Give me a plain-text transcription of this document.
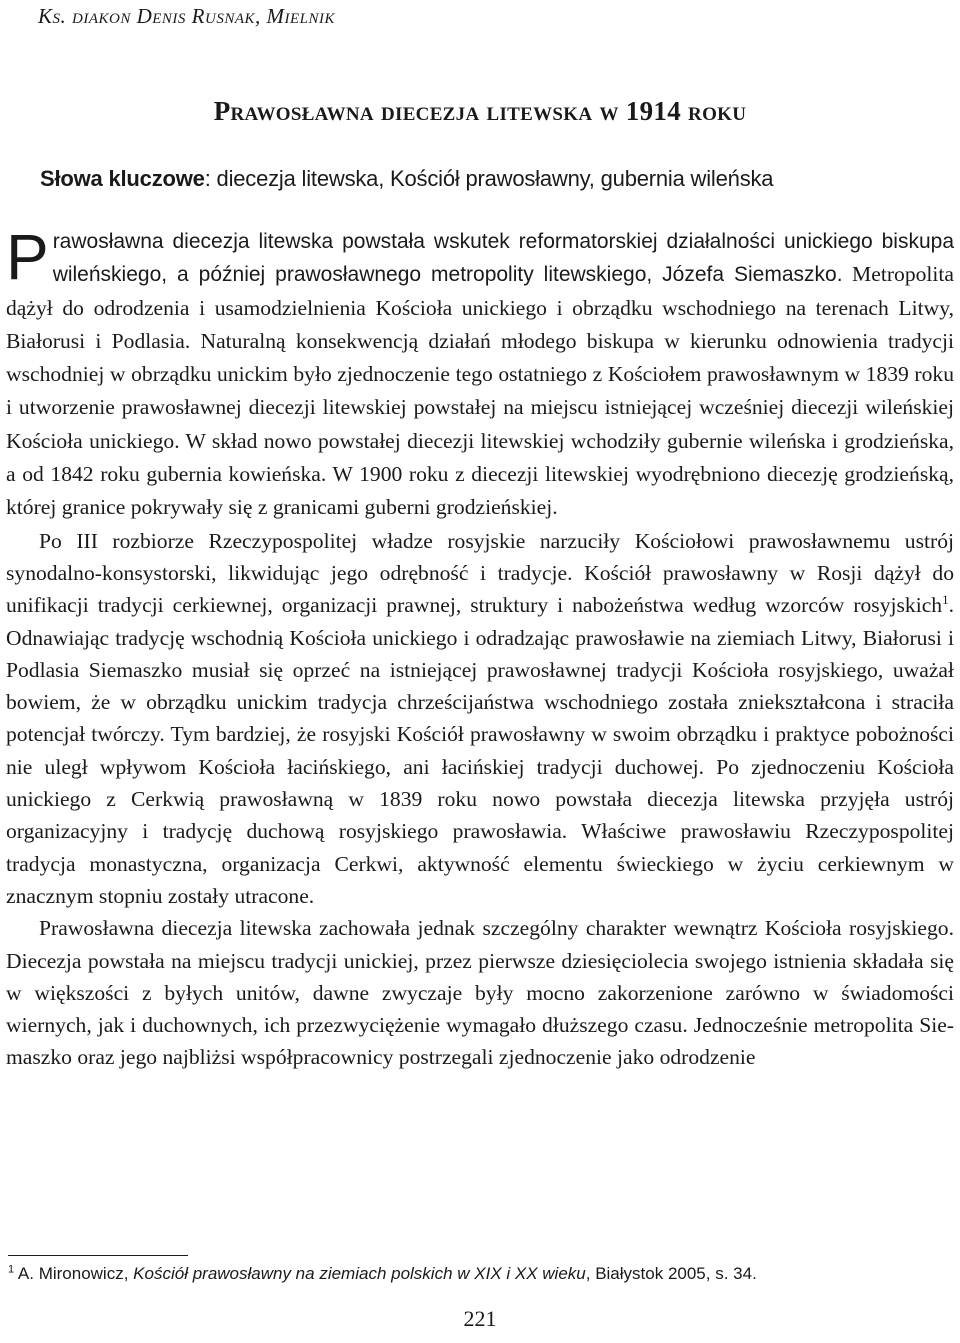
Ks. diakon Denis Rusnak, Mielnik
Prawosławna diecezja litewska w 1914 roku
Słowa kluczowe: diecezja litewska, Kościół prawosławny, gubernia wileńska

Prawosławna diecezja litewska powstała wskutek reformatorskiej działalności unickiego biskupa wileńskiego, a później prawosławnego metropolity litewskiego, Józefa Siemaszko. Metropolita dążył do odrodzenia i usamodzielnienia Kościoła unickiego i obrządku wschodniego na terenach Litwy, Białorusi i Podlasia. Naturalną konsekwencją działań młodego biskupa w kierunku odnowienia tradycji wschodniej w obrządku unickim było zjednoczenie tego ostatniego z Kościołem prawosławnym w 1839 roku i utworzenie prawosławnej diecezji litewskiej powstałej na miejscu istniejącej wcześniej diecezji wileńskiej Kościoła unickiego. W skład nowo powstałej diecezji litewskiej wchodziły gubernie wileńska i grodzieńska, a od 1842 roku gubernia kowieńska. W 1900 roku z diecezji litewskiej wyodrębniono diecezję grodzieńską, której granice pokrywały się z granicami guberni grodzieńskiej.

Po III rozbiorze Rzeczypospolitej władze rosyjskie narzuciły Kościołowi prawosławnemu ustrój synodalno-konsystorski, likwidując jego odrębność i tradycje. Kościół prawosławny w Rosji dążył do unifikacji tradycji cerkiewnej, organizacji prawnej, struktury i nabożeństwa według wzorców rosyjskich$^1$. Odnawiając tradycję wschodnią Kościoła unickiego i odradzając prawosławie na ziemiach Litwy, Białorusi i Podlasia Siemaszko musiał się oprzeć na istniejącej prawosławnej tradycji Kościoła rosyjskiego, uważał bowiem, że w obrządku unickim tradycja chrześcijaństwa wschodniego została zniekształcona i straciła potencjał twórczy. Tym bardziej, że rosyjski Kościół prawosławny w swoim obrządku i praktyce pobożności nie uległ wpływom Kościoła łacińskiego, ani łacińskiej tradycji duchowej. Po zjednoczeniu Kościoła unickiego z Cerkwią prawosławną w 1839 roku nowo powstała diecezja litewska przyjęła ustrój organizacyjny i tradycję duchową rosyjskiego prawosławia. Właściwe prawosławiu Rzeczypospolitej tradycja monastyczna, organizacja Cerkwi, aktywność elementu świeckiego w życiu cerkiewnym w znacznym stopniu zostały utracone.

Prawosławna diecezja litewska zachowała jednak szczególny charakter wewnątrz Kościoła rosyjskiego. Diecezja powstała na miejscu tradycji unickiej, przez pierwsze dziesięciolecia swojego istnienia składała się w większości z byłych unitów, dawne zwyczaje były mocno zakorzenione zarówno w świadomości wiernych, jak i duchownych, ich przezwyciężenie wymagało dłuższego czasu. Jednocześnie metropolita Siemaszko oraz jego najbliżsi współpracownicy postrzegali zjednoczenie jako odrodzenie

$^1$ A. Mironowicz, Kościół prawosławny na ziemiach polskich w XIX i XX wieku, Białystok 2005, s. 34.
221
